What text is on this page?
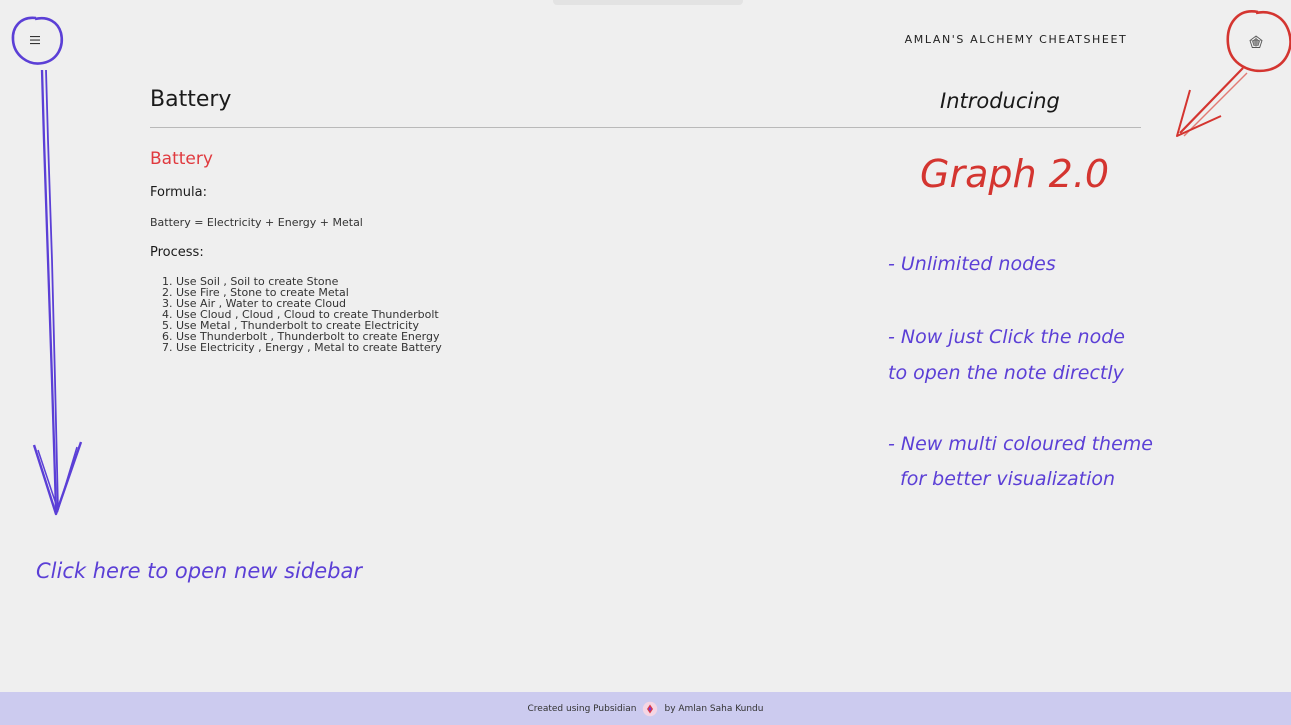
AMLAN'S ALCHEMY CHEATSHEET
Battery
Battery
Formula:

Battery = Electricity + Energy + Metal

Process:
1. Use Soil , Soil to create Stone
2. Use Fire , Stone to create Metal
3. Use Air , Water to create Cloud
4. Use Cloud , Cloud , Cloud to create Thunderbolt
5. Use Metal , Thunderbolt to create Electricity
6. Use Thunderbolt , Thunderbolt to create Energy
7. Use Electricity , Energy , Metal to create Battery
Introducing
Graph 2.0
- Unlimited nodes
- Now just Click the node
to open the note directly
- New multi coloured theme
for better visualization
Click here to open new sidebar
Created using Pubsidian	by Amlan Saha Kundu
